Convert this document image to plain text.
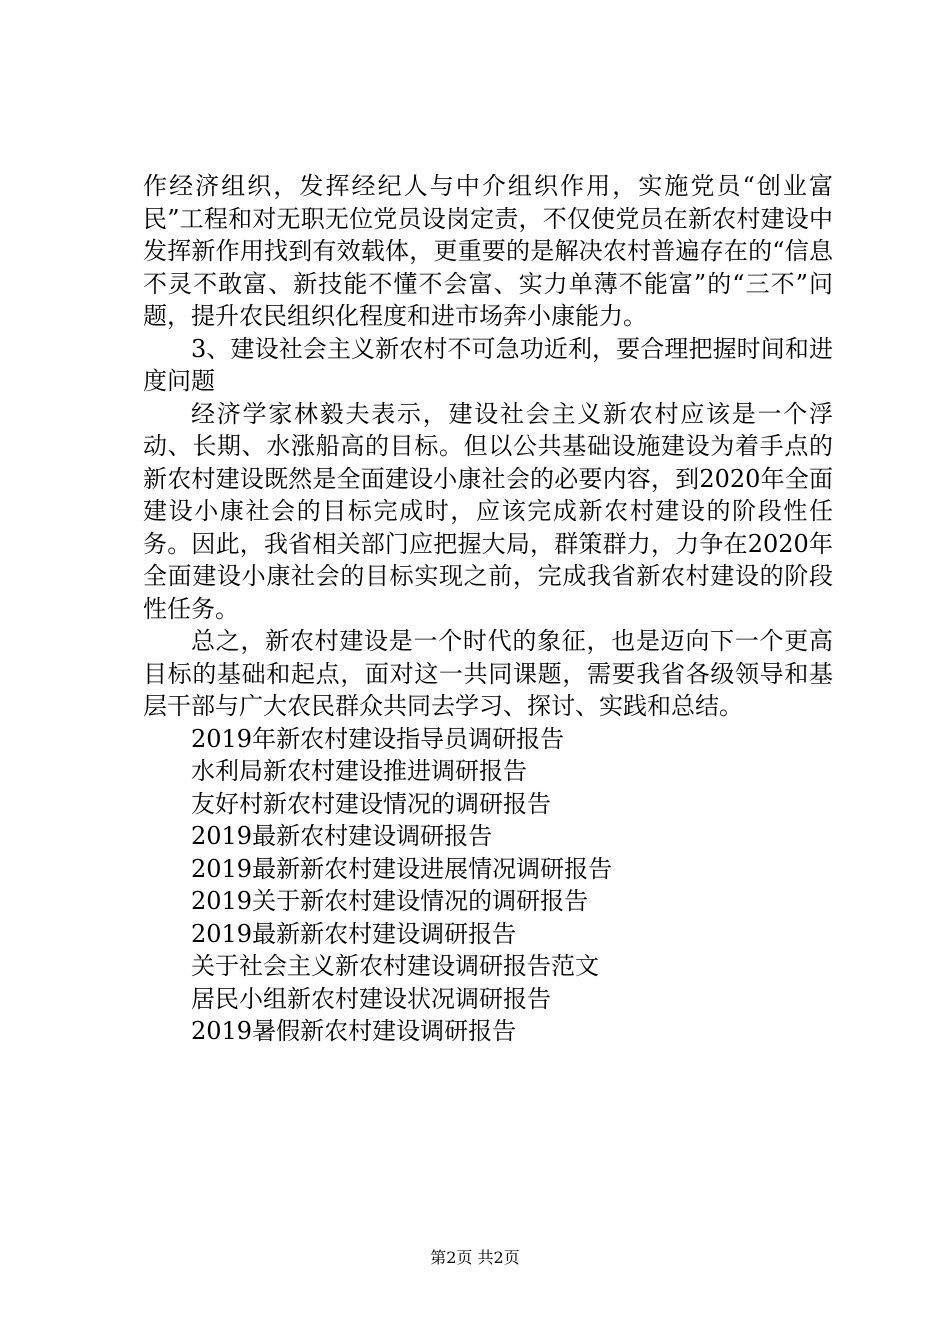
作经济组织，发挥经纪人与中介组织作用，实施党员“创业富民”工程和对无职无位党员设岗定责，不仅使党员在新农村建设中发挥新作用找到有效载体，更重要的是解决农村普遍存在的“信息不灵不敢富、新技能不懂不会富、实力单薄不能富”的“三不”问题，提升农民组织化程度和进市场奔小康能力。

3、建设社会主义新农村不可急功近利，要合理把握时间和进度问题

经济学家林毅夫表示，建设社会主义新农村应该是一个浮动、长期、水涨船高的目标。但以公共基础设施建设为着手点的新农村建设既然是全面建设小康社会的必要内容，到2020年全面建设小康社会的目标完成时，应该完成新农村建设的阶段性任务。因此，我省相关部门应把握大局，群策群力，力争在2020年全面建设小康社会的目标实现之前，完成我省新农村建设的阶段性任务。

总之，新农村建设是一个时代的象征，也是迈向下一个更高目标的基础和起点，面对这一共同课题，需要我省各级领导和基层干部与广大农民群众共同去学习、探讨、实践和总结。

2019年新农村建设指导员调研报告
水利局新农村建设推进调研报告
友好村新农村建设情况的调研报告
2019最新农村建设调研报告
2019最新新农村建设进展情况调研报告
2019关于新农村建设情况的调研报告
2019最新新农村建设调研报告
关于社会主义新农村建设调研报告范文
居民小组新农村建设状况调研报告
2019暑假新农村建设调研报告
第2页 共2页
